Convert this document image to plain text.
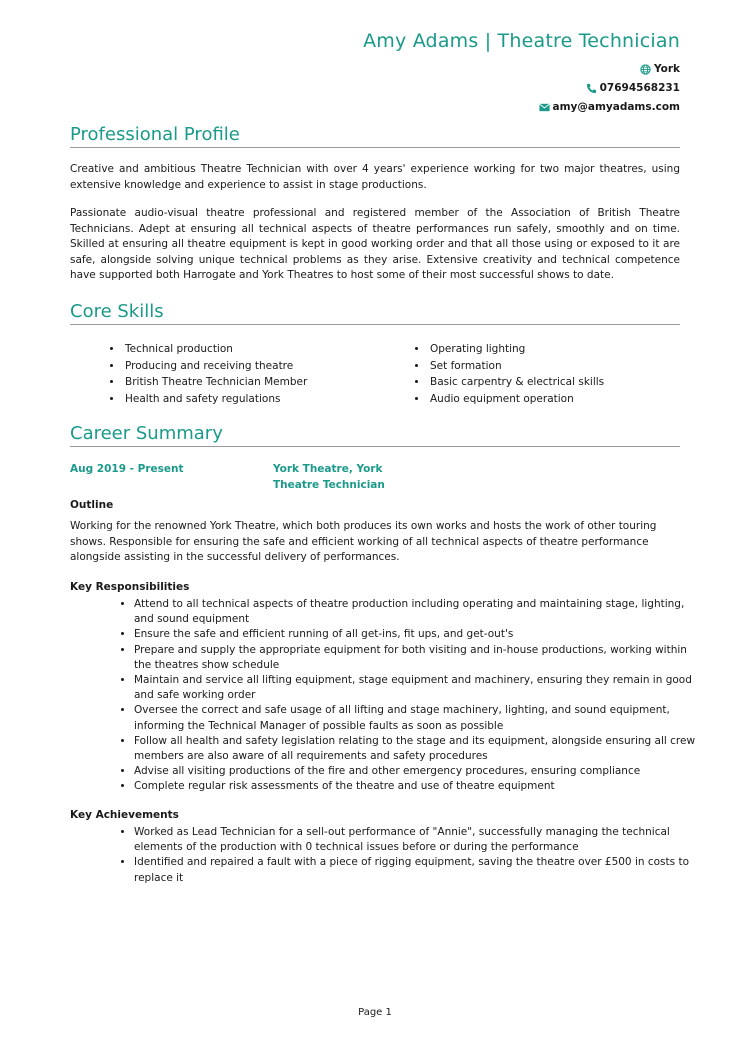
Amy Adams | Theatre Technician
York
07694568231
amy@amyadams.com
Professional Profile

Creative and ambitious Theatre Technician with over 4 years' experience working for two major theatres, using extensive knowledge and experience to assist in stage productions.

Passionate audio-visual theatre professional and registered member of the Association of British Theatre Technicians. Adept at ensuring all technical aspects of theatre performances run safely, smoothly and on time. Skilled at ensuring all theatre equipment is kept in good working order and that all those using or exposed to it are safe, alongside solving unique technical problems as they arise. Extensive creativity and technical competence have supported both Harrogate and York Theatres to host some of their most successful shows to date.

Core Skills
• Technical production
• Producing and receiving theatre
• British Theatre Technician Member
• Health and safety regulations
• Operating lighting
• Set formation
• Basic carpentry & electrical skills
• Audio equipment operation
Career Summary
Aug 2019 - Present	York Theatre, York
Theatre Technician
Outline

Working for the renowned York Theatre, which both produces its own works and hosts the work of other touring shows. Responsible for ensuring the safe and efficient working of all technical aspects of theatre performance alongside assisting in the successful delivery of performances.

Key Responsibilities
• Attend to all technical aspects of theatre production including operating and maintaining stage, lighting, and sound equipment
• Ensure the safe and efficient running of all get-ins, fit ups, and get-out's
• Prepare and supply the appropriate equipment for both visiting and in-house productions, working within the theatres show schedule
• Maintain and service all lifting equipment, stage equipment and machinery, ensuring they remain in good and safe working order
• Oversee the correct and safe usage of all lifting and stage machinery, lighting, and sound equipment, informing the Technical Manager of possible faults as soon as possible
• Follow all health and safety legislation relating to the stage and its equipment, alongside ensuring all crew members are also aware of all requirements and safety procedures
• Advise all visiting productions of the fire and other emergency procedures, ensuring compliance
• Complete regular risk assessments of the theatre and use of theatre equipment
Key Achievements
• Worked as Lead Technician for a sell-out performance of "Annie", successfully managing the technical elements of the production with 0 technical issues before or during the performance
• Identified and repaired a fault with a piece of rigging equipment, saving the theatre over £500 in costs to replace it
Page 1
